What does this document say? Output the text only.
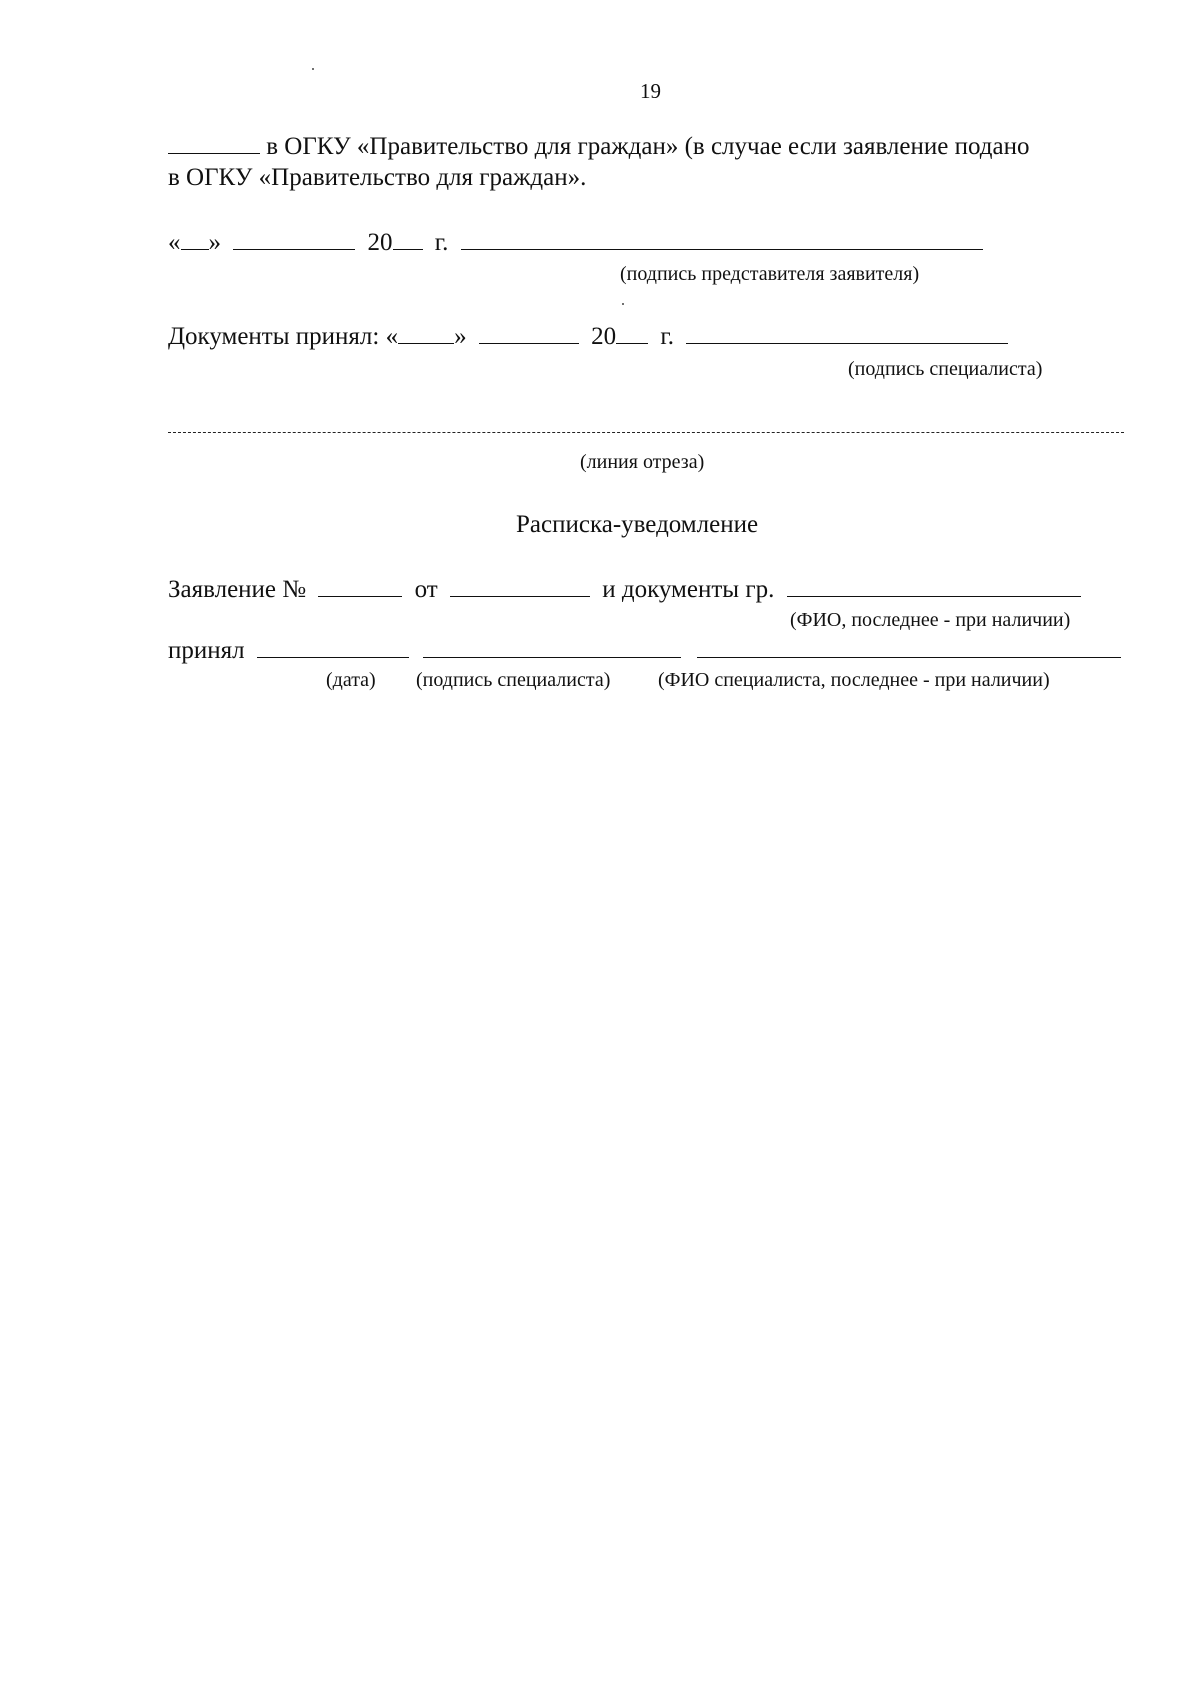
19
в ОГКУ «Правительство для граждан» (в случае если заявление подано
в ОГКУ «Правительство для граждан».
« »	20 г.
(подпись представителя заявителя)
Документы принял: « »	20 г.
(подпись специалиста)
(линия отреза)
Расписка-уведомление
Заявление №	от	и документы гр.
(ФИО, последнее - при наличии)
принял
(дата) (подпись специалиста) (ФИО специалиста, последнее - при наличии)
